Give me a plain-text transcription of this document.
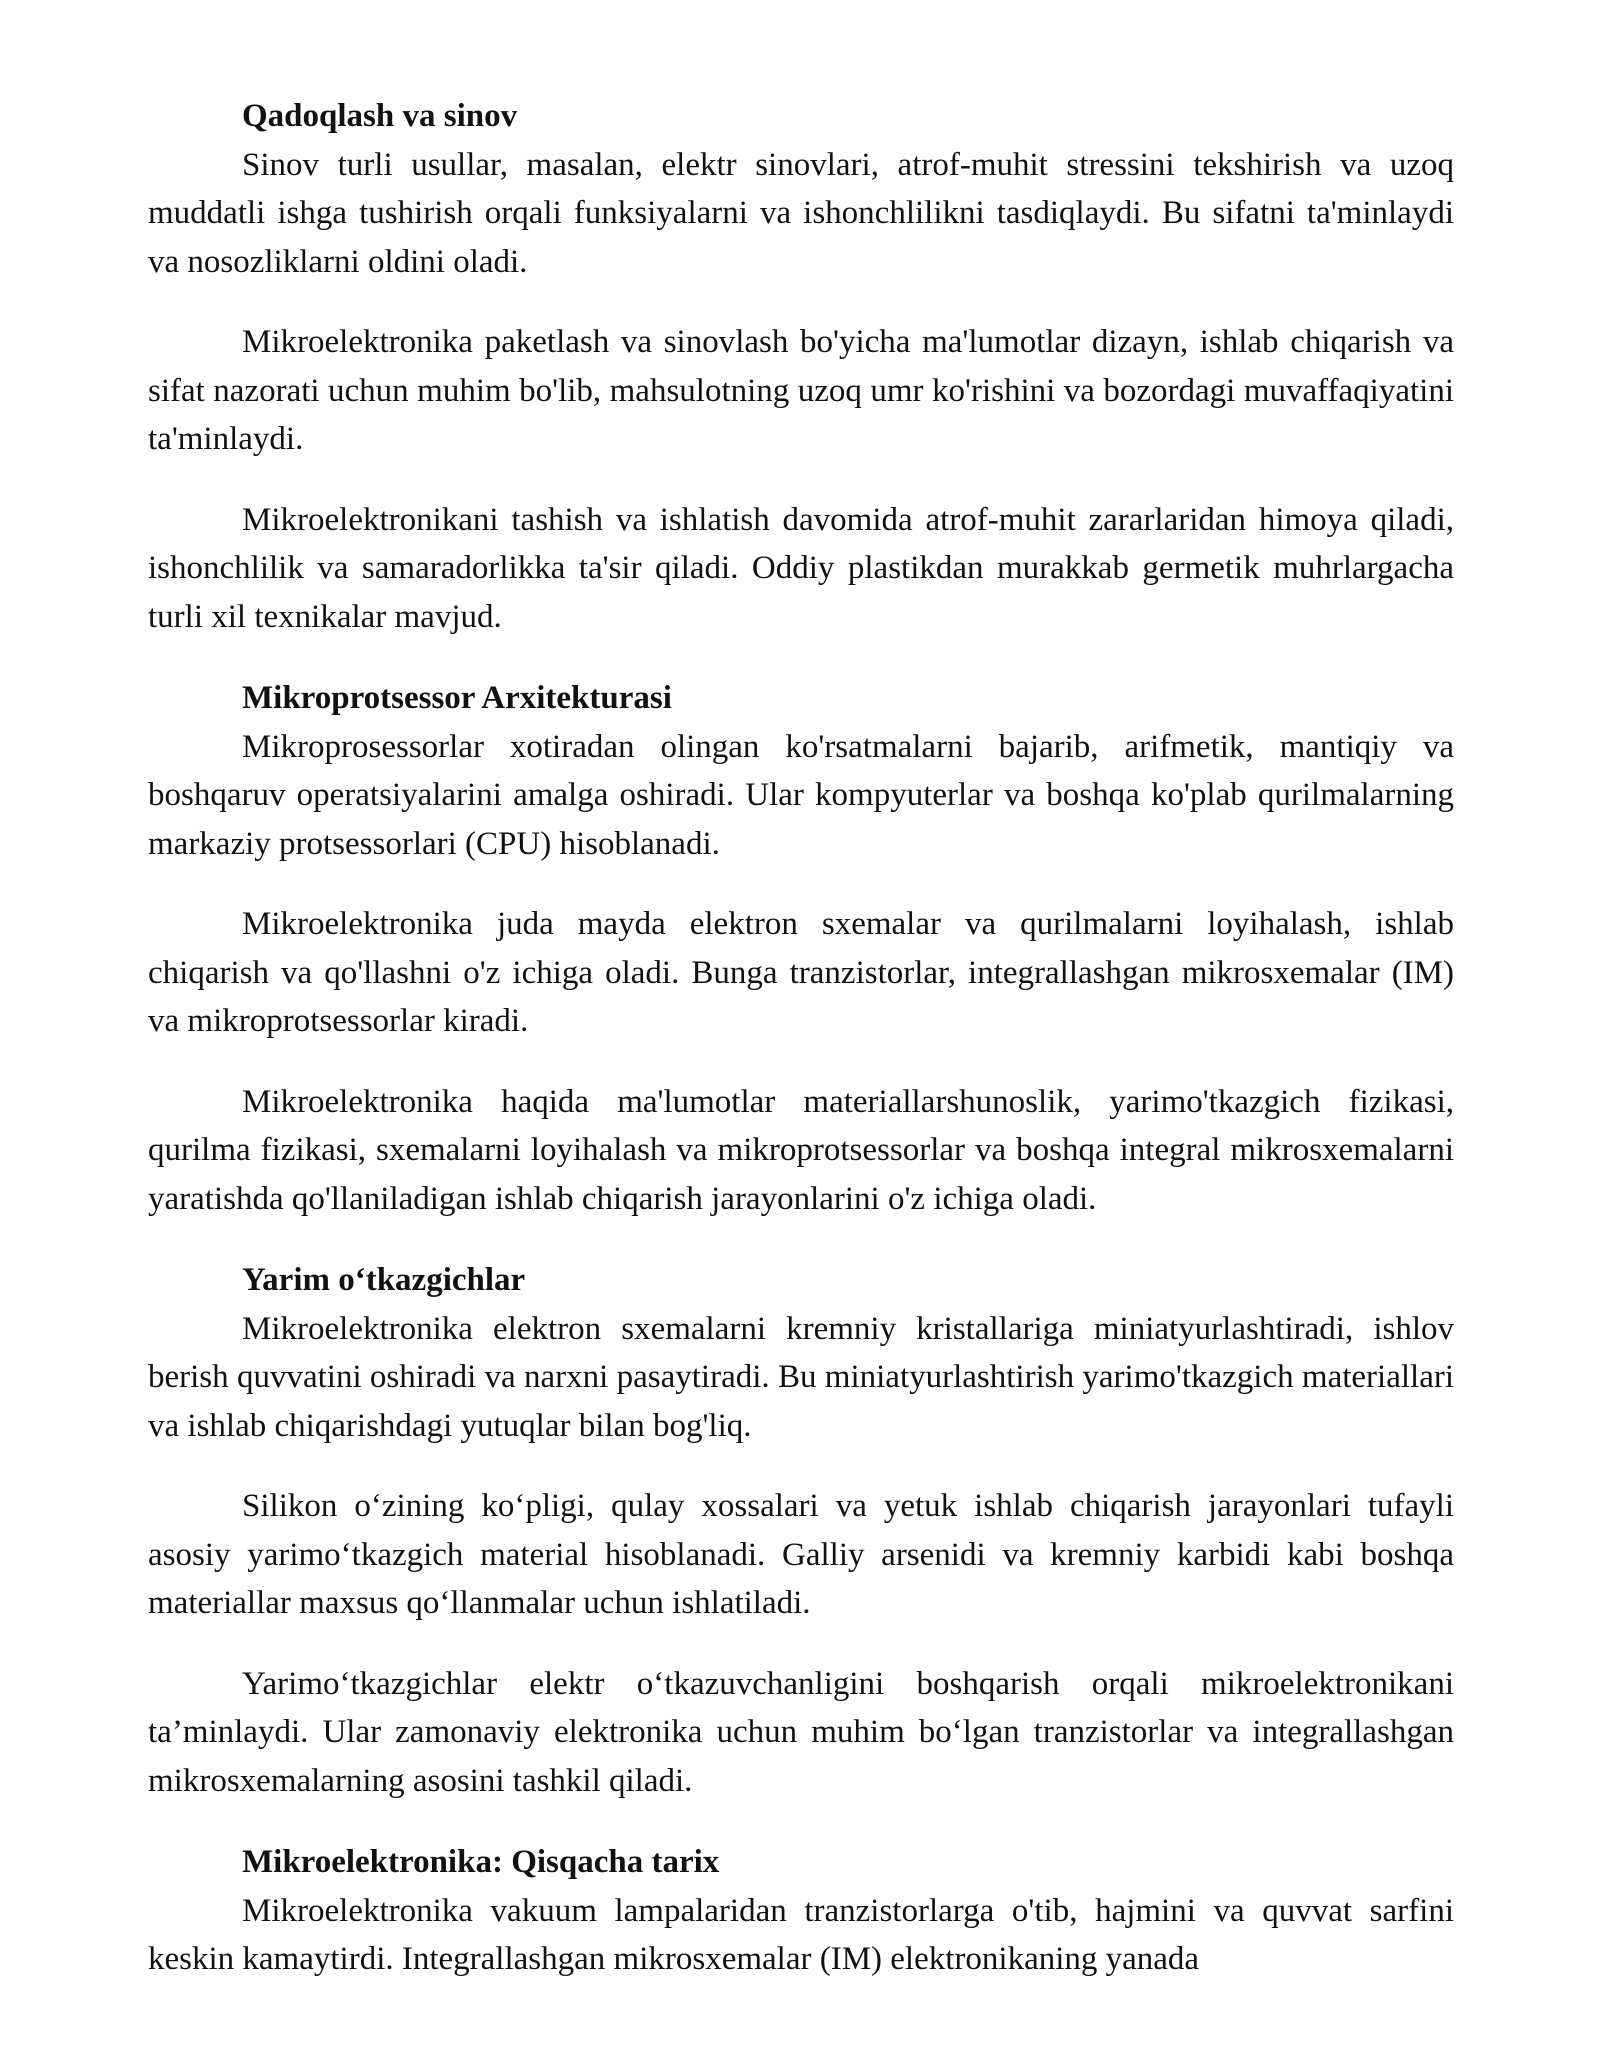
Qadoqlash va sinov

Sinov turli usullar, masalan, elektr sinovlari, atrof-muhit stressini tekshirish va uzoq muddatli ishga tushirish orqali funksiyalarni va ishonchlilikni tasdiqlaydi. Bu sifatni ta'minlaydi va nosozliklarni oldini oladi.

Mikroelektronika paketlash va sinovlash bo'yicha ma'lumotlar dizayn, ishlab chiqarish va sifat nazorati uchun muhim bo'lib, mahsulotning uzoq umr ko'rishini va bozordagi muvaffaqiyatini ta'minlaydi.

Mikroelektronikani tashish va ishlatish davomida atrof-muhit zararlaridan himoya qiladi, ishonchlilik va samaradorlikka ta'sir qiladi. Oddiy plastikdan murakkab germetik muhrlargacha turli xil texnikalar mavjud.

Mikroprotsessor Arxitekturasi

Mikroprosessorlar xotiradan olingan ko'rsatmalarni bajarib, arifmetik, mantiqiy va boshqaruv operatsiyalarini amalga oshiradi. Ular kompyuterlar va boshqa ko'plab qurilmalarning markaziy protsessorlari (CPU) hisoblanadi.

Mikroelektronika juda mayda elektron sxemalar va qurilmalarni loyihalash, ishlab chiqarish va qo'llashni o'z ichiga oladi. Bunga tranzistorlar, integrallashgan mikrosxemalar (IM) va mikroprotsessorlar kiradi.

Mikroelektronika haqida ma'lumotlar materiallarshunoslik, yarimo'tkazgich fizikasi, qurilma fizikasi, sxemalarni loyihalash va mikroprotsessorlar va boshqa integral mikrosxemalarni yaratishda qo'llaniladigan ishlab chiqarish jarayonlarini o'z ichiga oladi.

Yarim o‘tkazgichlar

Mikroelektronika elektron sxemalarni kremniy kristallariga miniatyurlashtiradi, ishlov berish quvvatini oshiradi va narxni pasaytiradi. Bu miniatyurlashtirish yarimo'tkazgich materiallari va ishlab chiqarishdagi yutuqlar bilan bog'liq.

Silikon o‘zining ko‘pligi, qulay xossalari va yetuk ishlab chiqarish jarayonlari tufayli asosiy yarimo‘tkazgich material hisoblanadi. Galliy arsenidi va kremniy karbidi kabi boshqa materiallar maxsus qo‘llanmalar uchun ishlatiladi.

Yarimo‘tkazgichlar elektr o‘tkazuvchanligini boshqarish orqali mikroelektronikani ta’minlaydi. Ular zamonaviy elektronika uchun muhim bo‘lgan tranzistorlar va integrallashgan mikrosxemalarning asosini tashkil qiladi.

Mikroelektronika: Qisqacha tarix

Mikroelektronika vakuum lampalaridan tranzistorlarga o'tib, hajmini va quvvat sarfini keskin kamaytirdi. Integrallashgan mikrosxemalar (IM) elektronikaning yanada
